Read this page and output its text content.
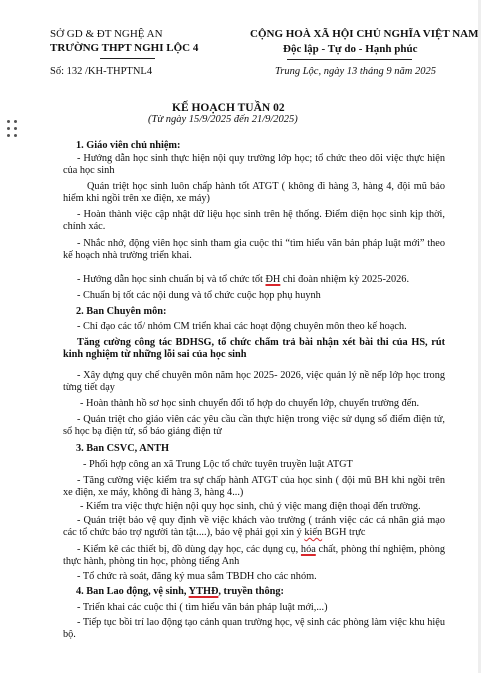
SỞ GD & ĐT NGHỆ AN
TRƯỜNG THPT NGHI LỘC 4
CỘNG HOÀ XÃ HỘI CHỦ NGHĨA VIỆT NAM
Độc lập - Tự do - Hạnh phúc
Số: 132 /KH-THPTNL4	Trung Lộc, ngày 13 tháng 9 năm 2025
KẾ HOẠCH TUẦN 02
(Từ ngày 15/9/2025 đến 21/9/2025)
1. Giáo viên chủ nhiệm:
- Hướng dẫn học sinh thực hiện nội quy trường lớp học; tổ chức theo dõi việc thực hiện của học sinh
Quán triệt học sinh luôn chấp hành tốt ATGT ( không đi hàng 3, hàng 4, đội mũ bảo hiểm khi ngồi trên xe điện, xe máy)
- Hoàn thành việc cập nhật dữ liệu học sinh trên hệ thống. Điểm diện học sinh kịp thời, chính xác.
- Nhắc nhở, động viên học sinh tham gia cuộc thi “tìm hiểu văn bản pháp luật mới” theo kế hoạch nhà trường triển khai.
- Hướng dẫn học sinh chuẩn bị và tổ chức tốt ĐH chi đoàn nhiệm kỳ 2025-2026.
- Chuẩn bị tốt các nội dung và tổ chức cuộc họp phụ huynh
2. Ban Chuyên môn:
- Chỉ đạo các tổ/ nhóm CM triển khai các hoạt động chuyên môn theo kế hoạch.
Tăng cường công tác BDHSG, tổ chức chấm trả bài nhận xét bài thi của HS, rút kinh nghiệm từ những lỗi sai của học sinh
- Xây dựng quy chế chuyên môn năm học 2025- 2026, việc quản lý nề nếp lớp học trong từng tiết dạy
- Hoàn thành hồ sơ học sinh chuyển đổi tổ hợp do chuyển lớp, chuyển trường đến.
- Quán triệt cho giáo viên các yêu cầu cần thực hiện trong việc sử dụng sổ điểm điện tử, sổ học bạ điện tử, sổ báo giảng điện tử
3. Ban CSVC, ANTH
- Phối hợp công an xã Trung Lộc tổ chức tuyên truyền luật ATGT
- Tăng cường việc kiểm tra sự chấp hành ATGT của học sinh ( đội mũ BH khi ngồi trên xe điện, xe máy, không đi hàng 3, hàng 4...)
- Kiểm tra việc thực hiện nội quy học sinh, chủ ý việc mang điện thoại đến trường.
- Quán triệt bảo vệ quy định về việc khách vào trường ( tránh việc các cá nhân giả mạo các tổ chức bảo trợ người tàn tật....), bảo vệ phải gọi xin ý kiến BGH trực
- Kiểm kê các thiết bị, đồ dùng dạy học, các dụng cụ, hóa chất, phòng thí nghiệm, phòng thực hành, phòng tin học, phòng tiếng Anh
- Tổ chức rà soát, đăng ký mua sắm TBDH cho các nhóm.
4. Ban Lao động, vệ sinh, YTHĐ, truyền thông:
- Triển khai các cuộc thi ( tìm hiểu văn bản pháp luật mới,...)
- Tiếp tục bồi trí lao động tạo cảnh quan trường học, vệ sinh các phòng làm việc khu hiệu bộ.
